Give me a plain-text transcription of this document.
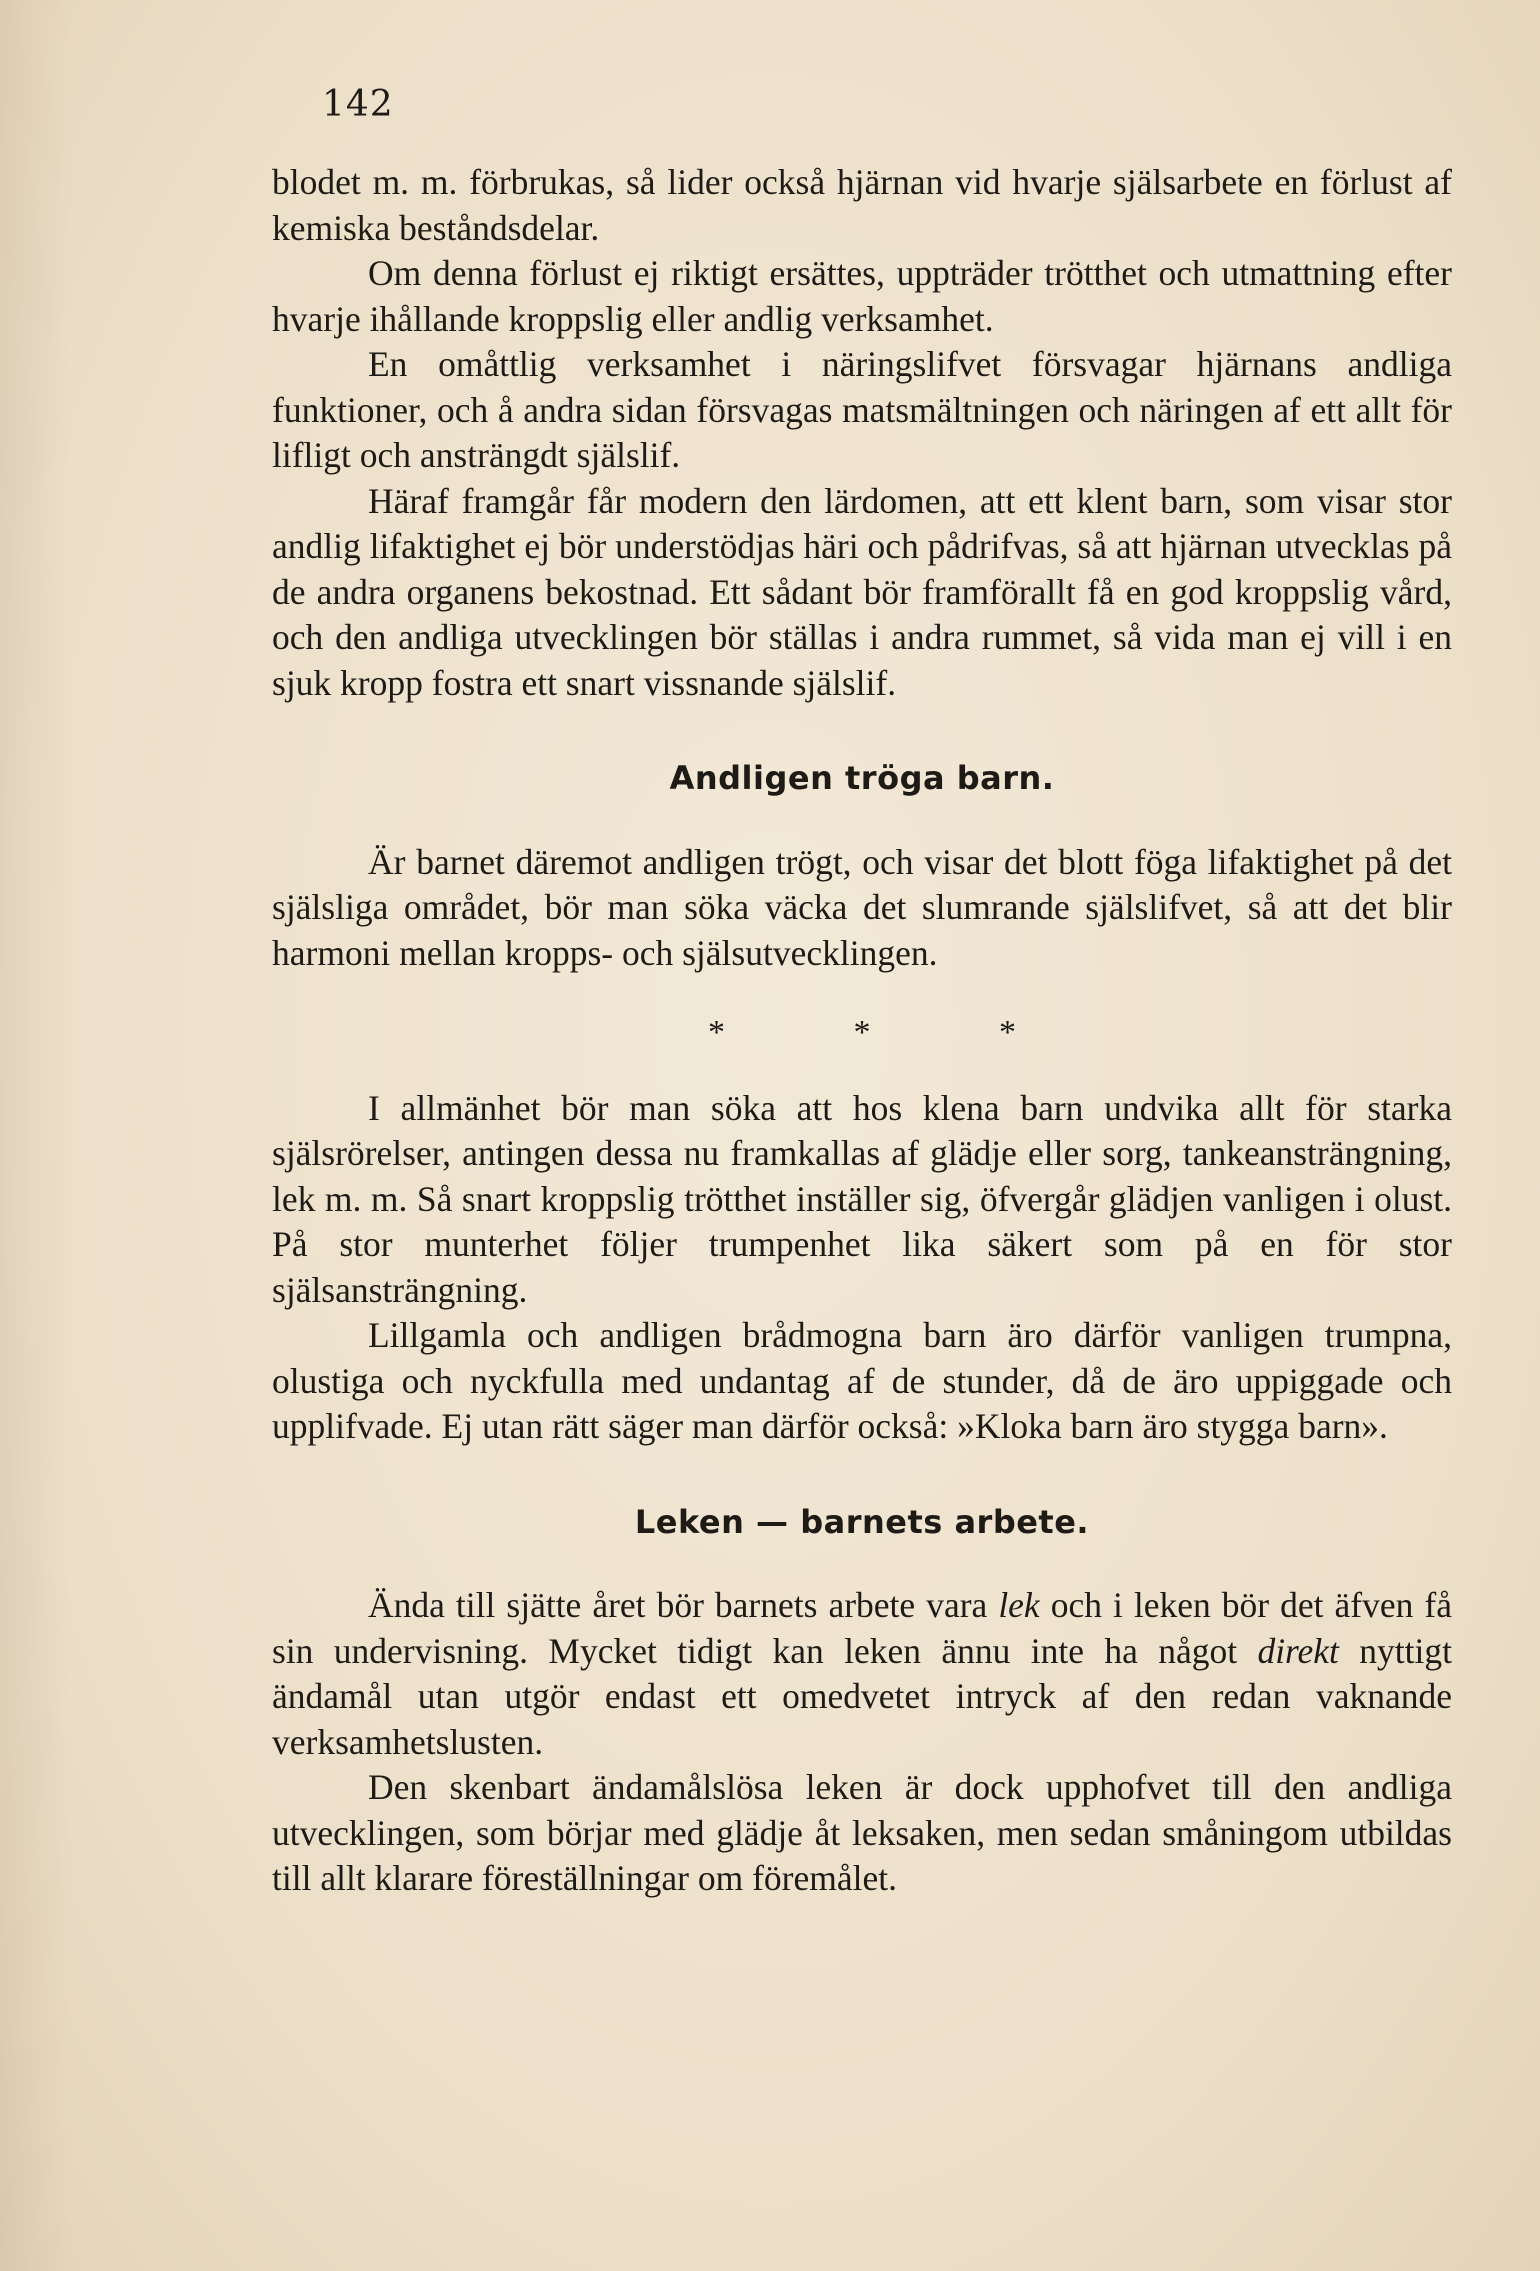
142

blodet m. m. förbrukas, så lider också hjärnan vid hvarje själsarbete en förlust af kemiska beståndsdelar.

Om denna förlust ej riktigt ersättes, uppträder trötthet och utmattning efter hvarje ihållande kroppslig eller andlig verksamhet.

En omåttlig verksamhet i näringslifvet försvagar hjärnans andliga funktioner, och å andra sidan försvagas matsmältningen och näringen af ett allt för lifligt och ansträngdt själslif.

Häraf framgår får modern den lärdomen, att ett klent barn, som visar stor andlig lifaktighet ej bör understödjas häri och pådrifvas, så att hjärnan utvecklas på de andra organens bekostnad. Ett sådant bör framförallt få en god kroppslig vård, och den andliga utvecklingen bör ställas i andra rummet, så vida man ej vill i en sjuk kropp fostra ett snart vissnande själslif.

Andligen tröga barn.

Är barnet däremot andligen trögt, och visar det blott föga lifaktighet på det själsliga området, bör man söka väcka det slumrande själslifvet, så att det blir harmoni mellan kropps- och själsutvecklingen.

* * *

I allmänhet bör man söka att hos klena barn undvika allt för starka själsrörelser, antingen dessa nu framkallas af glädje eller sorg, tankeansträngning, lek m. m. Så snart kroppslig trötthet inställer sig, öfvergår glädjen vanligen i olust. På stor munterhet följer trumpenhet lika säkert som på en för stor själsansträngning.

Lillgamla och andligen brådmogna barn äro därför vanligen trumpna, olustiga och nyckfulla med undantag af de stunder, då de äro uppiggade och upplifvade. Ej utan rätt säger man därför också: »Kloka barn äro stygga barn».

Leken — barnets arbete.

Ända till sjätte året bör barnets arbete vara lek och i leken bör det äfven få sin undervisning. Mycket tidigt kan leken ännu inte ha något direkt nyttigt ändamål utan utgör endast ett omedvetet intryck af den redan vaknande verksamhetslusten.

Den skenbart ändamålslösa leken är dock upphofvet till den andliga utvecklingen, som börjar med glädje åt leksaken, men sedan småningom utbildas till allt klarare föreställningar om föremålet.
